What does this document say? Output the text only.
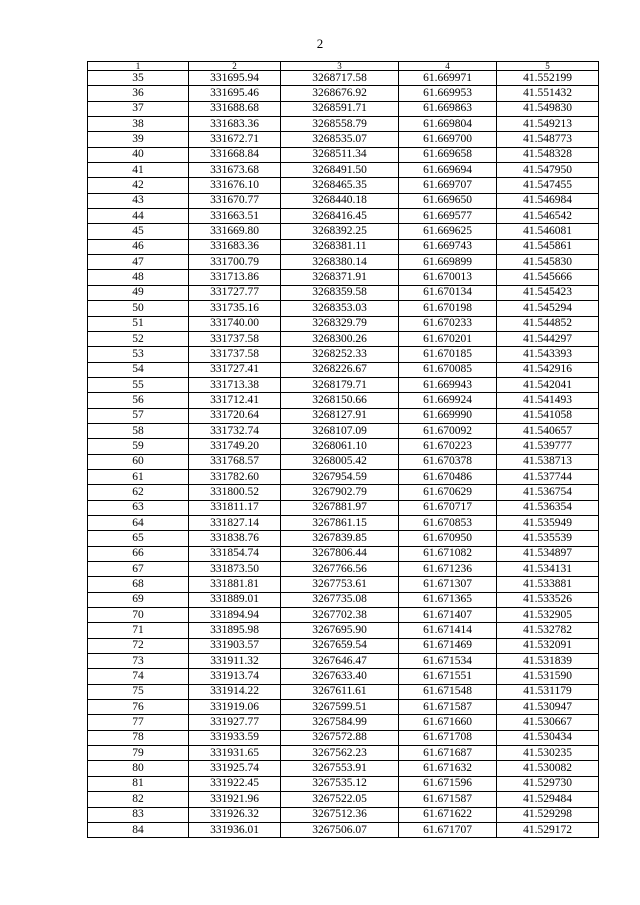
2
1	2	3	4	5
35	331695.94	3268717.58	61.669971	41.552199
36	331695.46	3268676.92	61.669953	41.551432
37	331688.68	3268591.71	61.669863	41.549830
38	331683.36	3268558.79	61.669804	41.549213
39	331672.71	3268535.07	61.669700	41.548773
40	331668.84	3268511.34	61.669658	41.548328
41	331673.68	3268491.50	61.669694	41.547950
42	331676.10	3268465.35	61.669707	41.547455
43	331670.77	3268440.18	61.669650	41.546984
44	331663.51	3268416.45	61.669577	41.546542
45	331669.80	3268392.25	61.669625	41.546081
46	331683.36	3268381.11	61.669743	41.545861
47	331700.79	3268380.14	61.669899	41.545830
48	331713.86	3268371.91	61.670013	41.545666
49	331727.77	3268359.58	61.670134	41.545423
50	331735.16	3268353.03	61.670198	41.545294
51	331740.00	3268329.79	61.670233	41.544852
52	331737.58	3268300.26	61.670201	41.544297
53	331737.58	3268252.33	61.670185	41.543393
54	331727.41	3268226.67	61.670085	41.542916
55	331713.38	3268179.71	61.669943	41.542041
56	331712.41	3268150.66	61.669924	41.541493
57	331720.64	3268127.91	61.669990	41.541058
58	331732.74	3268107.09	61.670092	41.540657
59	331749.20	3268061.10	61.670223	41.539777
60	331768.57	3268005.42	61.670378	41.538713
61	331782.60	3267954.59	61.670486	41.537744
62	331800.52	3267902.79	61.670629	41.536754
63	331811.17	3267881.97	61.670717	41.536354
64	331827.14	3267861.15	61.670853	41.535949
65	331838.76	3267839.85	61.670950	41.535539
66	331854.74	3267806.44	61.671082	41.534897
67	331873.50	3267766.56	61.671236	41.534131
68	331881.81	3267753.61	61.671307	41.533881
69	331889.01	3267735.08	61.671365	41.533526
70	331894.94	3267702.38	61.671407	41.532905
71	331895.98	3267695.90	61.671414	41.532782
72	331903.57	3267659.54	61.671469	41.532091
73	331911.32	3267646.47	61.671534	41.531839
74	331913.74	3267633.40	61.671551	41.531590
75	331914.22	3267611.61	61.671548	41.531179
76	331919.06	3267599.51	61.671587	41.530947
77	331927.77	3267584.99	61.671660	41.530667
78	331933.59	3267572.88	61.671708	41.530434
79	331931.65	3267562.23	61.671687	41.530235
80	331925.74	3267553.91	61.671632	41.530082
81	331922.45	3267535.12	61.671596	41.529730
82	331921.96	3267522.05	61.671587	41.529484
83	331926.32	3267512.36	61.671622	41.529298
84	331936.01	3267506.07	61.671707	41.529172
